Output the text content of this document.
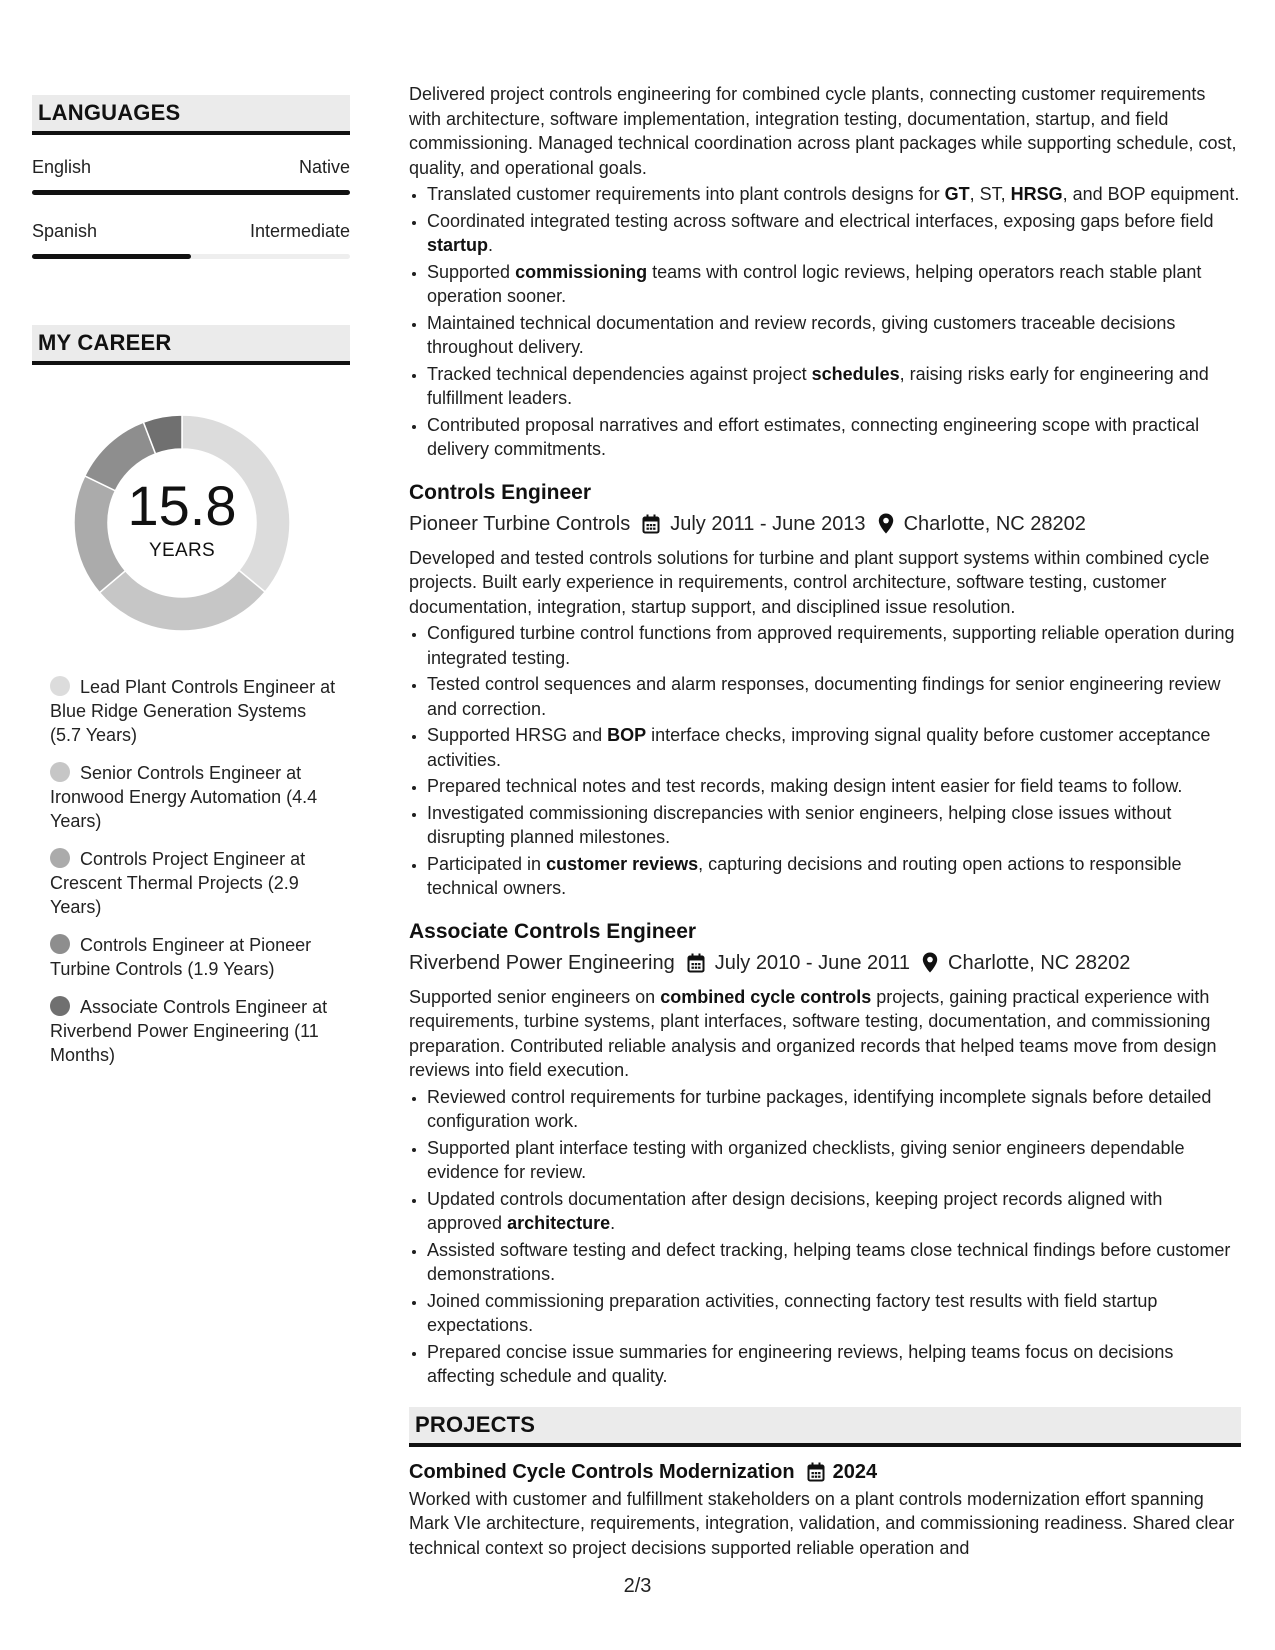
LANGUAGES
English	Native
Spanish	Intermediate
MY CAREER
15.8
YEARS
Lead Plant Controls Engineer at Blue Ridge Generation Systems (5.7 Years)
Senior Controls Engineer at Ironwood Energy Automation (4.4 Years)
Controls Project Engineer at Crescent Thermal Projects (2.9 Years)
Controls Engineer at Pioneer Turbine Controls (1.9 Years)
Associate Controls Engineer at Riverbend Power Engineering (11 Months)

Delivered project controls engineering for combined cycle plants, connecting customer requirements with architecture, software implementation, integration testing, documentation, startup, and field commissioning. Managed technical coordination across plant packages while supporting schedule, cost, quality, and operational goals.

• Translated customer requirements into plant controls designs for GT, ST, HRSG, and BOP equipment.
• Coordinated integrated testing across software and electrical interfaces, exposing gaps before field startup.
• Supported commissioning teams with control logic reviews, helping operators reach stable plant operation sooner.
• Maintained technical documentation and review records, giving customers traceable decisions throughout delivery.
• Tracked technical dependencies against project schedules, raising risks early for engineering and fulfillment leaders.
• Contributed proposal narratives and effort estimates, connecting engineering scope with practical delivery commitments.
Controls Engineer
Pioneer Turbine Controls July 2011 - June 2013 Charlotte, NC 28202

Developed and tested controls solutions for turbine and plant support systems within combined cycle projects. Built early experience in requirements, control architecture, software testing, customer documentation, integration, startup support, and disciplined issue resolution.

• Configured turbine control functions from approved requirements, supporting reliable operation during integrated testing.
• Tested control sequences and alarm responses, documenting findings for senior engineering review and correction.
• Supported HRSG and BOP interface checks, improving signal quality before customer acceptance activities.
• Prepared technical notes and test records, making design intent easier for field teams to follow.
• Investigated commissioning discrepancies with senior engineers, helping close issues without disrupting planned milestones.
• Participated in customer reviews, capturing decisions and routing open actions to responsible technical owners.
Associate Controls Engineer
Riverbend Power Engineering July 2010 - June 2011 Charlotte, NC 28202

Supported senior engineers on combined cycle controls projects, gaining practical experience with requirements, turbine systems, plant interfaces, software testing, documentation, and commissioning preparation. Contributed reliable analysis and organized records that helped teams move from design reviews into field execution.

• Reviewed control requirements for turbine packages, identifying incomplete signals before detailed configuration work.
• Supported plant interface testing with organized checklists, giving senior engineers dependable evidence for review.
• Updated controls documentation after design decisions, keeping project records aligned with approved architecture.
• Assisted software testing and defect tracking, helping teams close technical findings before customer demonstrations.
• Joined commissioning preparation activities, connecting factory test results with field startup expectations.
• Prepared concise issue summaries for engineering reviews, helping teams focus on decisions affecting schedule and quality.
PROJECTS
Combined Cycle Controls Modernization 2024

Worked with customer and fulfillment stakeholders on a plant controls modernization effort spanning Mark VIe architecture, requirements, integration, validation, and commissioning readiness. Shared clear technical context so project decisions supported reliable operation and

2/3
